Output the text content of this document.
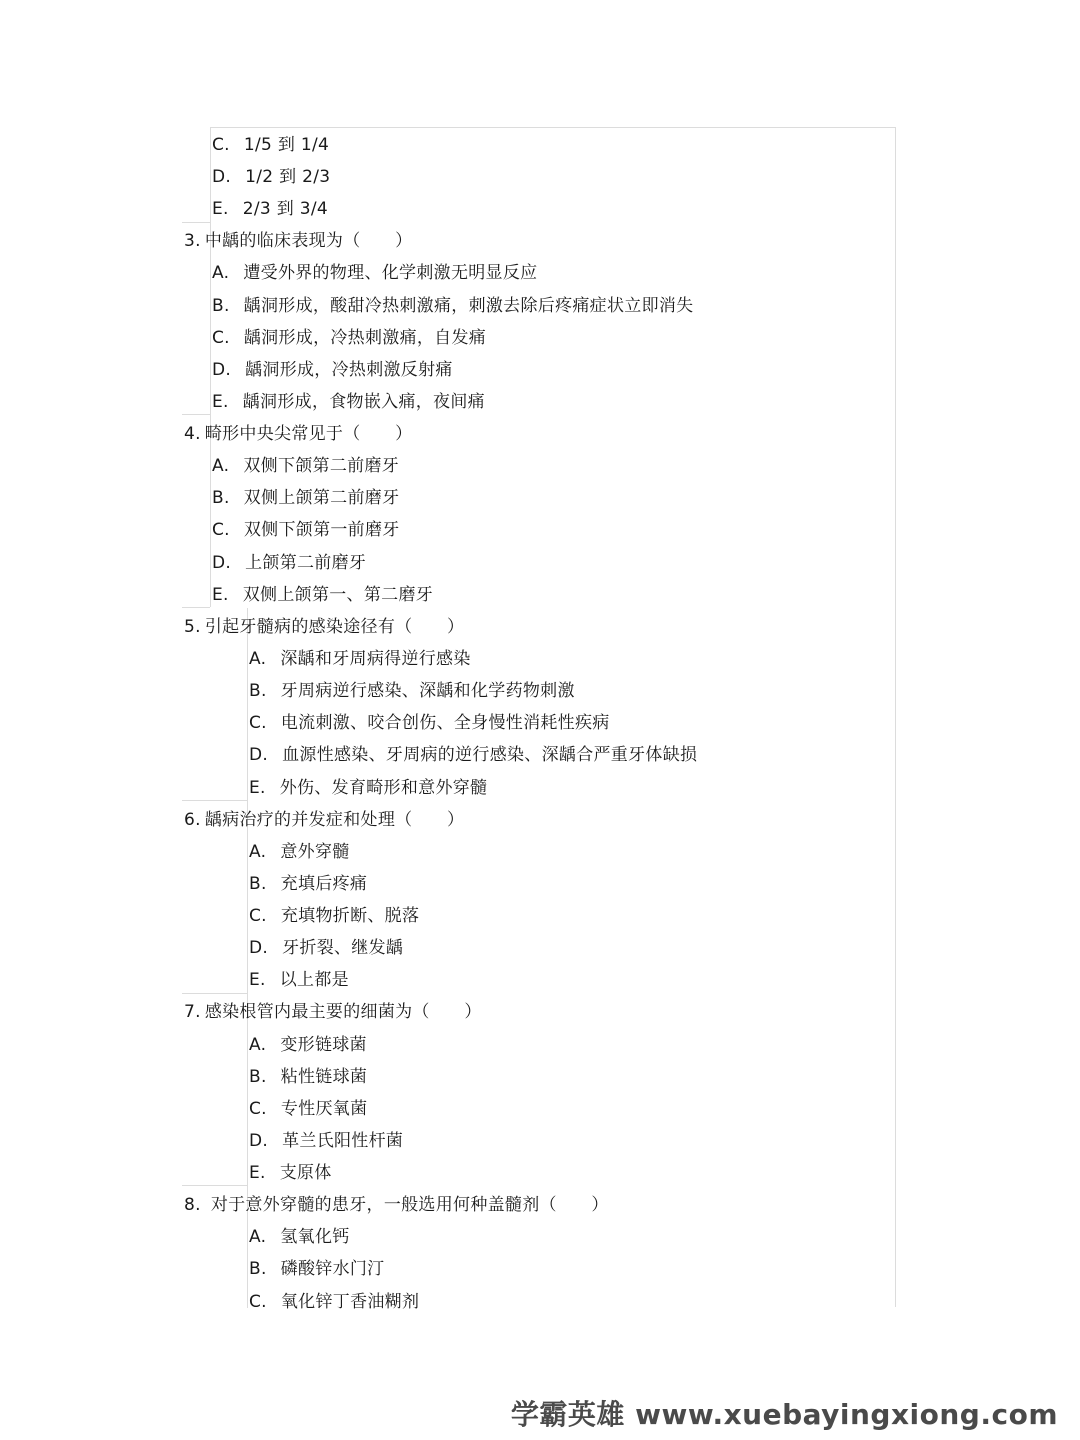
C. 1/5 到 1/4
D. 1/2 到 2/3
E. 2/3 到 3/4
3. 中龋的临床表现为（　　）
A. 遭受外界的物理、化学刺激无明显反应
B. 龋洞形成，酸甜冷热刺激痛，刺激去除后疼痛症状立即消失
C. 龋洞形成，冷热刺激痛，自发痛
D. 龋洞形成，冷热刺激反射痛
E. 龋洞形成，食物嵌入痛，夜间痛
4. 畸形中央尖常见于（　　）
A. 双侧下颌第二前磨牙
B. 双侧上颌第二前磨牙
C. 双侧下颌第一前磨牙
D. 上颌第二前磨牙
E. 双侧上颌第一、第二磨牙
5. 引起牙髓病的感染途径有（　　）
A. 深龋和牙周病得逆行感染
B. 牙周病逆行感染、深龋和化学药物刺激
C. 电流刺激、咬合创伤、全身慢性消耗性疾病
D. 血源性感染、牙周病的逆行感染、深龋合严重牙体缺损
E. 外伤、发育畸形和意外穿髓
6. 龋病治疗的并发症和处理（　　）
A. 意外穿髓
B. 充填后疼痛
C. 充填物折断、脱落
D. 牙折裂、继发龋
E. 以上都是
7. 感染根管内最主要的细菌为（　　）
A. 变形链球菌
B. 粘性链球菌
C. 专性厌氧菌
D. 革兰氏阳性杆菌
E. 支原体
8. 对于意外穿髓的患牙，一般选用何种盖髓剂（　　）
A. 氢氧化钙
B. 磷酸锌水门汀
C. 氧化锌丁香油糊剂
学霸英雄 www.xuebayingxiong.com
